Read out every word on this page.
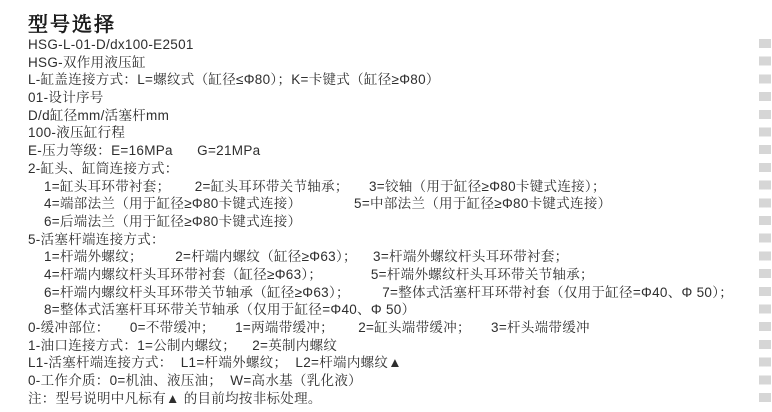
型号选择
HSG-L-01-D/dx100-E2501
HSG-双作用液压缸
L-缸盖连接方式：L=螺纹式（缸径≤Φ80）；K=卡键式（缸径≥Φ80）
01-设计序号
D/d缸径mm/活塞杆mm
100-液压缸行程
E-压力等级：E=16MPa      G=21MPa
2-缸头、缸筒连接方式：
1=缸头耳环带衬套；      2=缸头耳环带关节轴承；     3=铰轴（用于缸径≥Φ80卡键式连接）；
4=端部法兰（用于缸径≥Φ80卡键式连接）             5=中部法兰（用于缸径≥Φ80卡键式连接）
6=后端法兰（用于缸径≥Φ80卡键式连接）
5-活塞杆端连接方式：
1=杆端外螺纹；        2=杆端内螺纹（缸径≥Φ63）；    3=杆端外螺纹杆头耳环带衬套；
4=杆端内螺纹杆头耳环带衬套（缸径≥Φ63）；            5=杆端外螺纹杆头耳环带关节轴承；
6=杆端内螺纹杆头耳环带关节轴承（缸径≥Φ63）；        7=整体式活塞杆耳环带衬套（仅用于缸径=Φ40、Φ 50）；
8=整体式活塞杆耳环带关节轴承（仅用于缸径=Φ40、Φ 50）
0-缓冲部位：     0=不带缓冲；     1=两端带缓冲；      2=缸头端带缓冲；     3=杆头端带缓冲
1-油口连接方式：1=公制内螺纹；    2=英制内螺纹
L1-活塞杆端连接方式：  L1=杆端外螺纹；  L2=杆端内螺纹▲
0-工作介质：0=机油、液压油；  W=高水基（乳化液）
注：型号说明中凡标有▲ 的目前均按非标处理。
